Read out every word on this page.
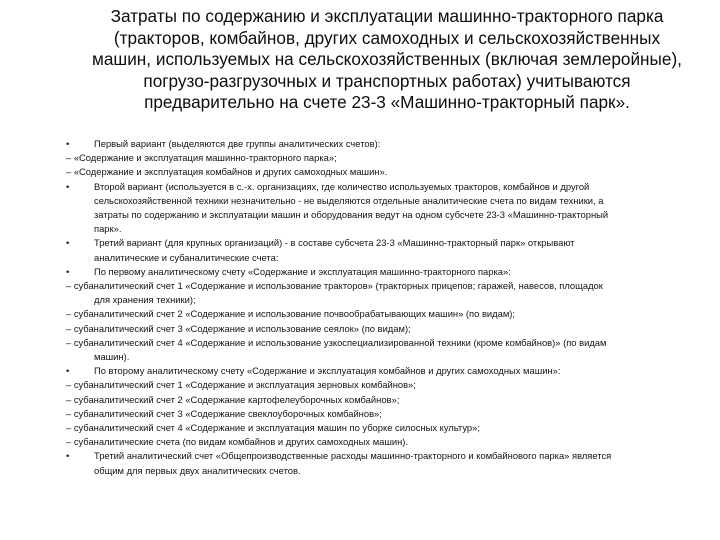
Затраты по содержанию и эксплуатации машинно-тракторного парка
(тракторов, комбайнов, других самоходных и сельскохозяйственных
машин, используемых на сельскохозяйственных (включая землеройные),
погрузо-разгрузочных и транспортных работах) учитываются
предварительно на счете 23-3 «Машинно-тракторный парк».
•	Первый вариант (выделяются две группы аналитических счетов):
– «Содержание и эксплуатация машинно-тракторного парка»;
– «Содержание и эксплуатация комбайнов и других самоходных машин».
•	Второй вариант (используется в с.-х. организациях, где количество используемых тракторов, комбайнов и другой
сельскохозяйственной техники незначительно - не выделяются отдельные аналитические счета по видам техники, а
затраты по содержанию и эксплуатации машин и оборудования ведут на одном субсчете 23-3 «Машинно-тракторный
парк».
•	Третий вариант (для крупных организаций) - в составе субсчета 23-3 «Машинно-тракторный парк» открывают
аналитические и субаналитические счета:
•	По первому аналитическому счету «Содержание и эксплуатация машинно-тракторного парка»:
– субаналитический счет 1 «Содержание и использование тракторов» (тракторных прицепов; гаражей, навесов, площадок
для хранения техники);
– субаналитический счет 2 «Содержание и использование почвообрабатывающих машин» (по видам);
– субаналитический счет 3 «Содержание и использование сеялок» (по видам);
– субаналитический счет 4 «Содержание и использование узкоспециализированной техники (кроме комбайнов)» (по видам
машин).
•	По второму аналитическому счету «Содержание и эксплуатация комбайнов и других самоходных машин»:
– субаналитический счет 1 «Содержание и эксплуатация зерновых комбайнов»;
– субаналитический счет 2 «Содержание картофелеуборочных комбайнов»;
– субаналитический счет 3 «Содержание свеклоуборочных комбайнов»;
– субаналитический счет 4 «Содержание и эксплуатация машин по уборке силосных культур»;
– субаналитические счета (по видам комбайнов и других самоходных машин).
•	Третий аналитический счет «Общепроизводственные расходы машинно-тракторного и комбайнового парка» является
общим для первых двух аналитических счетов.
